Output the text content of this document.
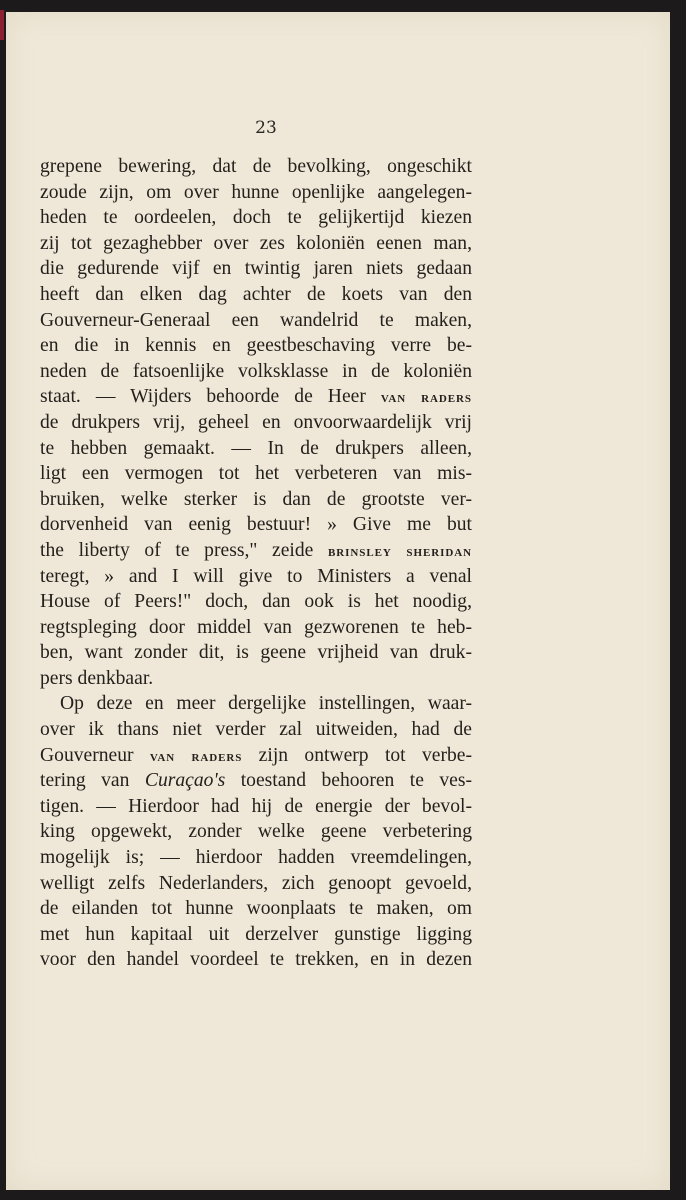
23
grepene bewering, dat de bevolking, ongeschikt
zoude zijn, om over hunne openlijke aangelegen-
heden te oordeelen, doch te gelijkertijd kiezen
zij tot gezaghebber over zes koloniën eenen man,
die gedurende vijf en twintig jaren niets gedaan
heeft dan elken dag achter de koets van den
Gouverneur-Generaal een wandelrid te maken,
en die in kennis en geestbeschaving verre be-
neden de fatsoenlijke volksklasse in de koloniën
staat. — Wijders behoorde de Heer van raders
de drukpers vrij, geheel en onvoorwaardelijk vrij
te hebben gemaakt. — In de drukpers alleen,
ligt een vermogen tot het verbeteren van mis-
bruiken, welke sterker is dan de grootste ver-
dorvenheid van eenig bestuur! » Give me but
the liberty of te press," zeide brinsley sheridan
teregt, » and I will give to Ministers a venal
House of Peers!" doch, dan ook is het noodig,
regtspleging door middel van gezworenen te heb-
ben, want zonder dit, is geene vrijheid van druk-
pers denkbaar.
Op deze en meer dergelijke instellingen, waar-
over ik thans niet verder zal uitweiden, had de
Gouverneur van raders zijn ontwerp tot verbe-
tering van Curaçao's toestand behooren te ves-
tigen. — Hierdoor had hij de energie der bevol-
king opgewekt, zonder welke geene verbetering
mogelijk is; — hierdoor hadden vreemdelingen,
welligt zelfs Nederlanders, zich genoopt gevoeld,
de eilanden tot hunne woonplaats te maken, om
met hun kapitaal uit derzelver gunstige ligging
voor den handel voordeel te trekken, en in dezen
